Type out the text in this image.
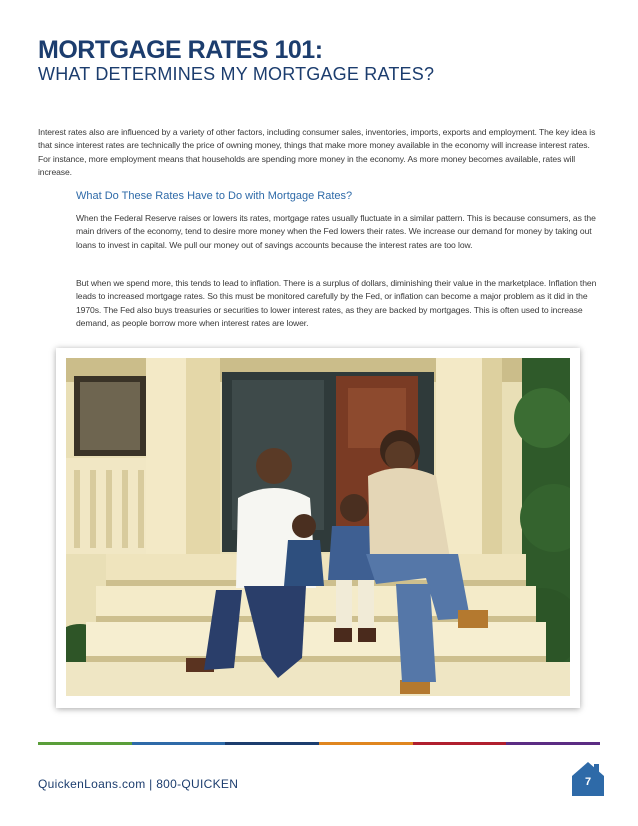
MORTGAGE RATES 101:
WHAT DETERMINES MY MORTGAGE RATES?

Interest rates also are influenced by a variety of other factors, including consumer sales, inventories, imports, exports and employment. The key idea is that since interest rates are technically the price of owning money, things that make more money available in the economy will increase interest rates. For instance, more employment means that households are spending more money in the economy. As more money becomes available, rates will increase.

What Do These Rates Have to Do with Mortgage Rates?

When the Federal Reserve raises or lowers its rates, mortgage rates usually fluctuate in a similar pattern. This is because consumers, as the main drivers of the economy, tend to desire more money when the Fed lowers their rates. We increase our demand for money by taking out loans to invest in capital. We pull our money out of savings accounts because the interest rates are too low.

But when we spend more, this tends to lead to inflation. There is a surplus of dollars, diminishing their value in the marketplace. Inflation then leads to increased mortgage rates. So this must be monitored carefully by the Fed, or inflation can become a major problem as it did in the 1970s. The Fed also buys treasuries or securities to lower interest rates, as they are backed by mortgages. This is often used to increase demand, as people borrow more when interest rates are lower.

QuickenLoans.com | 800-QUICKEN	7
